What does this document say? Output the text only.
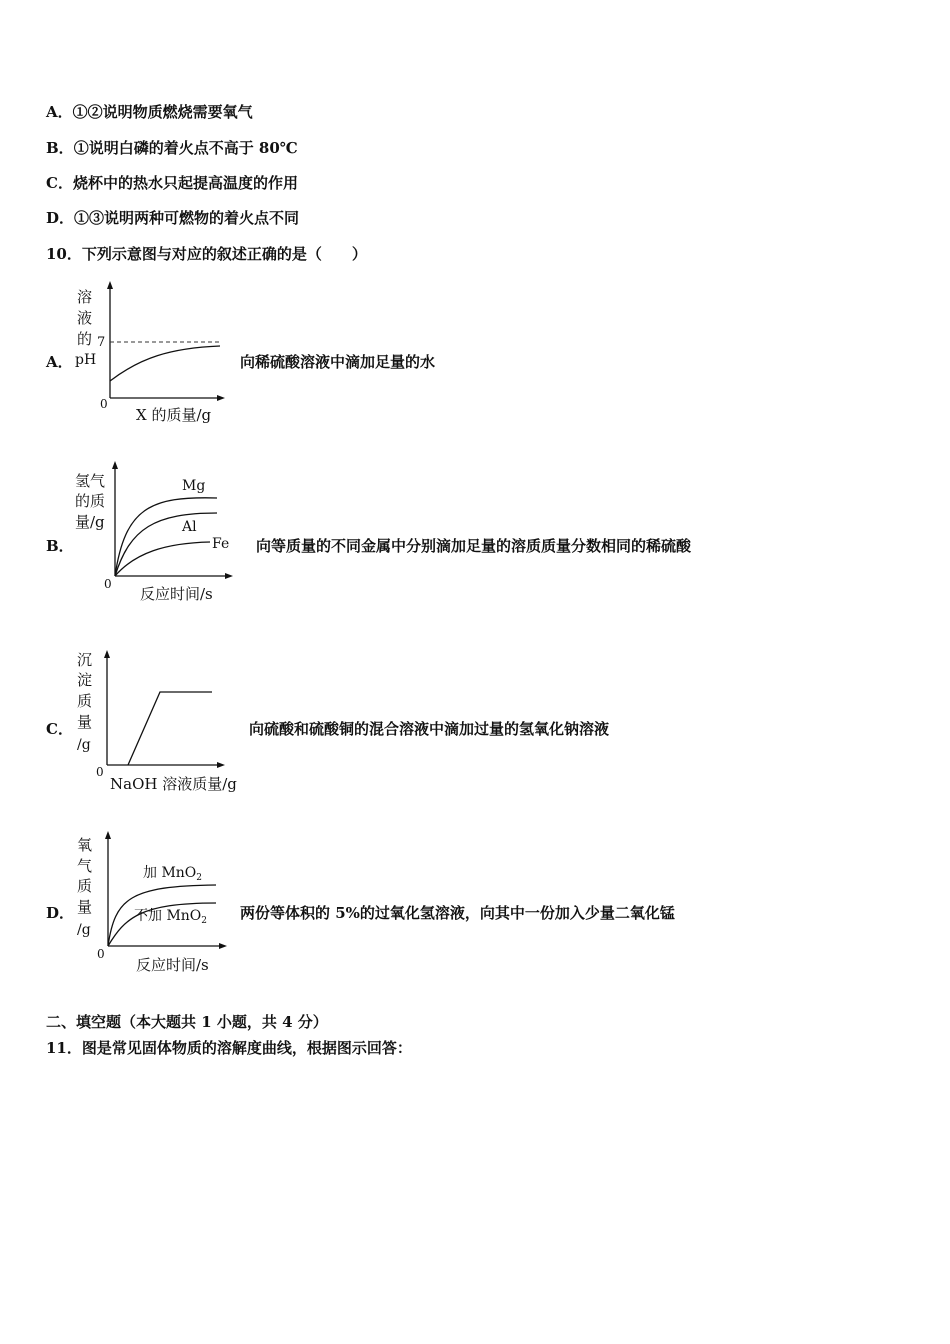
A．①②说明物质燃烧需要氧气
B．①说明白磷的着火点不高于 80℃
C．烧杯中的热水只起提高温度的作用
D．①③说明两种可燃物的着火点不同
10．下列示意图与对应的叙述正确的是（　　）
A．
溶
液
的
pH
7
0
X 的质量/g
向稀硫酸溶液中滴加足量的水
B．
氢气
的质
量/g
Mg
Al
Fe
0
反应时间/s
向等质量的不同金属中分别滴加足量的溶质质量分数相同的稀硫酸
C．
沉
淀
质
量
/g
0
NaOH 溶液质量/g
向硫酸和硫酸铜的混合溶液中滴加过量的氢氧化钠溶液
D．
氧
气
质
量
/g
加 MnO$_2$
不加 MnO$_2$
0
反应时间/s
两份等体积的 5%的过氧化氢溶液，向其中一份加入少量二氧化锰
二、填空题（本大题共 1 小题，共 4 分）
11．图是常见固体物质的溶解度曲线，根据图示回答：
